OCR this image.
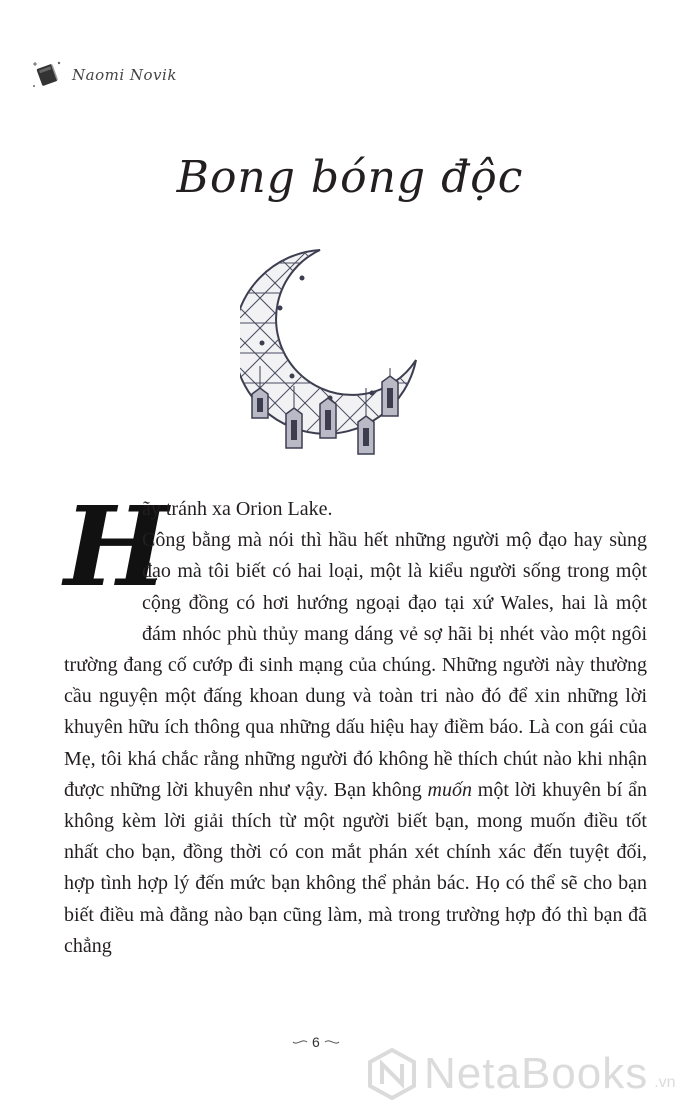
Naomi Novik
Bong bóng độc
H
ãy tránh xa Orion Lake.

Công bằng mà nói thì hầu hết những người mộ đạo hay sùng đạo mà tôi biết có hai loại, một là kiểu người sống trong một cộng đồng có hơi hướng ngoại đạo tại xứ Wales, hai là một đám nhóc phù thủy mang dáng vẻ sợ hãi bị nhét vào một ngôi trường đang cố cướp đi sinh mạng của chúng. Những người này thường cầu nguyện một đấng khoan dung và toàn tri nào đó để xin những lời khuyên hữu ích thông qua những dấu hiệu hay điềm báo. Là con gái của Mẹ, tôi khá chắc rằng những người đó không hề thích chút nào khi nhận được những lời khuyên như vậy. Bạn không muốn một lời khuyên bí ẩn không kèm lời giải thích từ một người biết bạn, mong muốn điều tốt nhất cho bạn, đồng thời có con mắt phán xét chính xác đến tuyệt đối, hợp tình hợp lý đến mức bạn không thể phản bác. Họ có thể sẽ cho bạn biết điều mà đằng nào bạn cũng làm, mà trong trường hợp đó thì bạn đã chẳng

6
NetaBooks .vn
